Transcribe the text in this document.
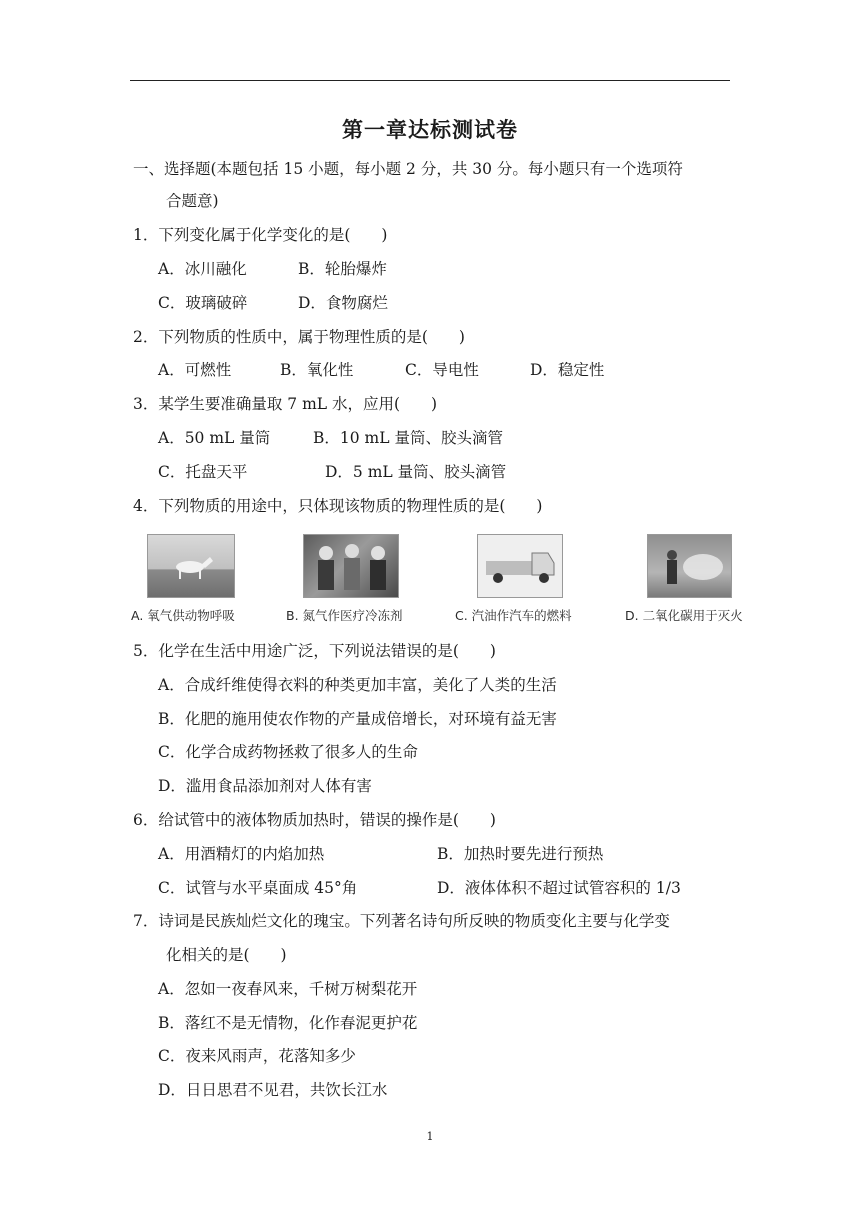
第一章达标测试卷
一、选择题(本题包括 15 小题，每小题 2 分，共 30 分。每小题只有一个选项符
合题意)
1．下列变化属于化学变化的是(　　)
A．冰川融化	B．轮胎爆炸
C．玻璃破碎	D．食物腐烂
2．下列物质的性质中，属于物理性质的是(　　)
A．可燃性	B．氧化性	C．导电性	D．稳定性
3．某学生要准确量取 7 mL 水，应用(　　)
A．50 mL 量筒	B．10 mL 量筒、胶头滴管
C．托盘天平	D．5 mL 量筒、胶头滴管
4．下列物质的用途中，只体现该物质的物理性质的是(　　)
A. 氧气供动物呼吸	B. 氮气作医疗冷冻剂	C. 汽油作汽车的燃料	D. 二氧化碳用于灭火
5．化学在生活中用途广泛，下列说法错误的是(　　)
A．合成纤维使得衣料的种类更加丰富，美化了人类的生活
B．化肥的施用使农作物的产量成倍增长，对环境有益无害
C．化学合成药物拯救了很多人的生命
D．滥用食品添加剂对人体有害
6．给试管中的液体物质加热时，错误的操作是(　　)
A．用酒精灯的内焰加热	B．加热时要先进行预热
C．试管与水平桌面成 45°角	D．液体体积不超过试管容积的 1/3
7．诗词是民族灿烂文化的瑰宝。下列著名诗句所反映的物质变化主要与化学变
化相关的是(　　)
A．忽如一夜春风来，千树万树梨花开
B．落红不是无情物，化作春泥更护花
C．夜来风雨声，花落知多少
D．日日思君不见君，共饮长江水
1
